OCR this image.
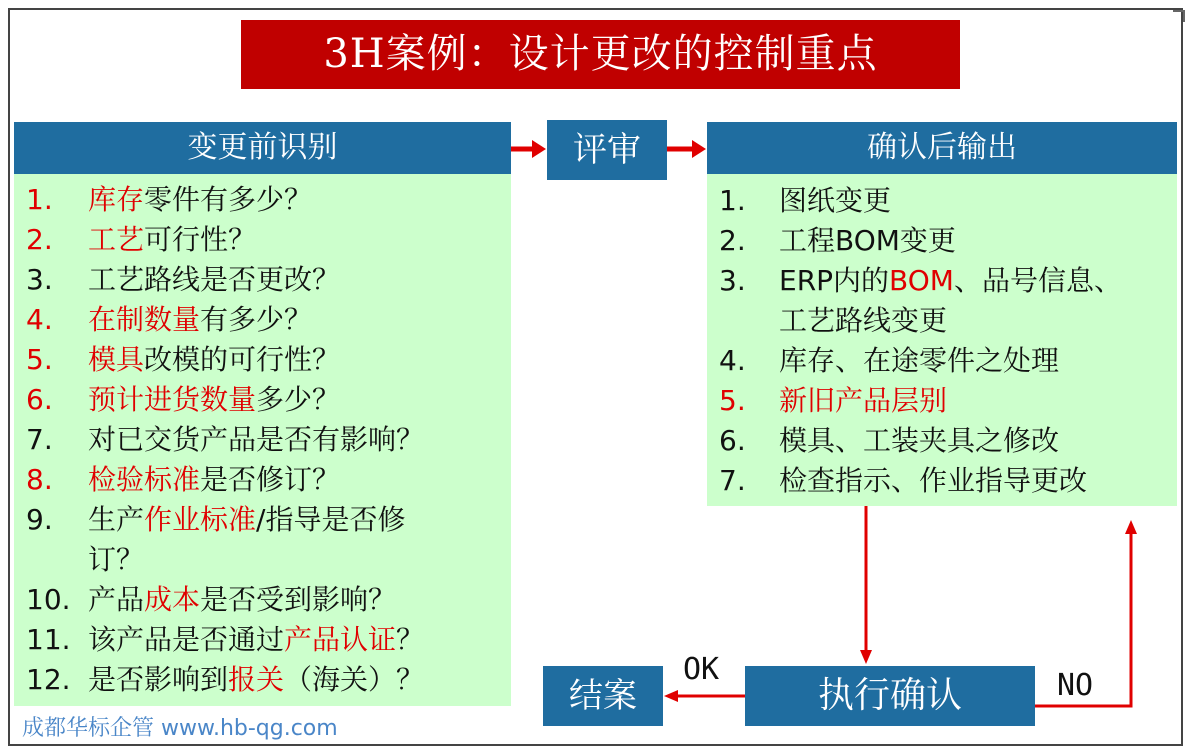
3H案例：设计更改的控制重点
变更前识别
1. 库存零件有多少？
2. 工艺可行性？
3. 工艺路线是否更改？
4. 在制数量有多少？
5. 模具改模的可行性？
6. 预计进货数量多少？
7. 对已交货产品是否有影响？
8. 检验标准是否修订？
9. 生产作业标准/指导是否修
订？
10. 产品成本是否受到影响？
11. 该产品是否通过产品认证？
12. 是否影响到报关（海关）？
评审	确认后输出
1. 图纸变更
2. 工程BOM变更
3. ERP内的BOM、品号信息、
工艺路线变更
4. 库存、在途零件之处理
5. 新旧产品层别
6. 模具、工装夹具之修改
7. 检查指示、作业指导更改
执行确认
结案
OK	NO
成都华标企管 www.hb-qg.com
